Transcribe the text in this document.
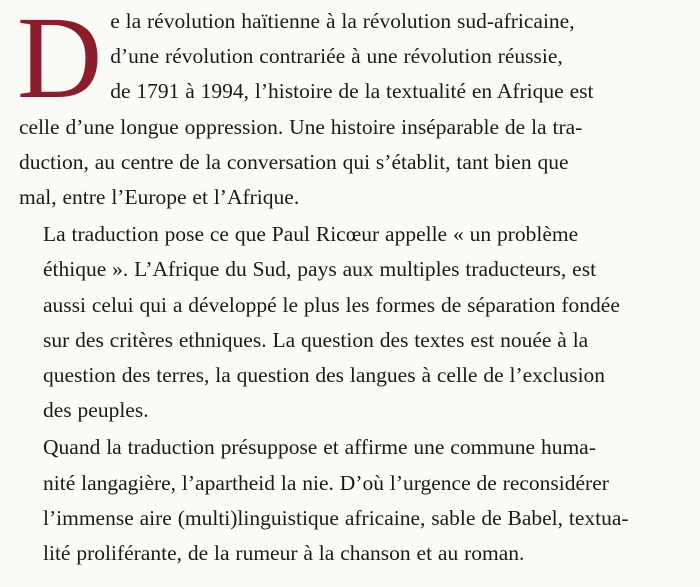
D e la révolution haïtienne à la révolution sud-africaine,
d’une révolution contrariée à une révolution réussie,
de 1791 à 1994, l’histoire de la textualité en Afrique est
celle d’une longue oppression. Une histoire inséparable de la tra-
duction, au centre de la conversation qui s’établit, tant bien que
mal, entre l’Europe et l’Afrique.

La traduction pose ce que Paul Ricœur appelle « un problème
éthique ». L’Afrique du Sud, pays aux multiples traducteurs, est
aussi celui qui a développé le plus les formes de séparation fondée
sur des critères ethniques. La question des textes est nouée à la
question des terres, la question des langues à celle de l’exclusion
des peuples.

Quand la traduction présuppose et affirme une commune huma-
nité langagière, l’apartheid la nie. D’où l’urgence de reconsidérer
l’immense aire (multi)linguistique africaine, sable de Babel, textua-
lité proliférante, de la rumeur à la chanson et au roman.
